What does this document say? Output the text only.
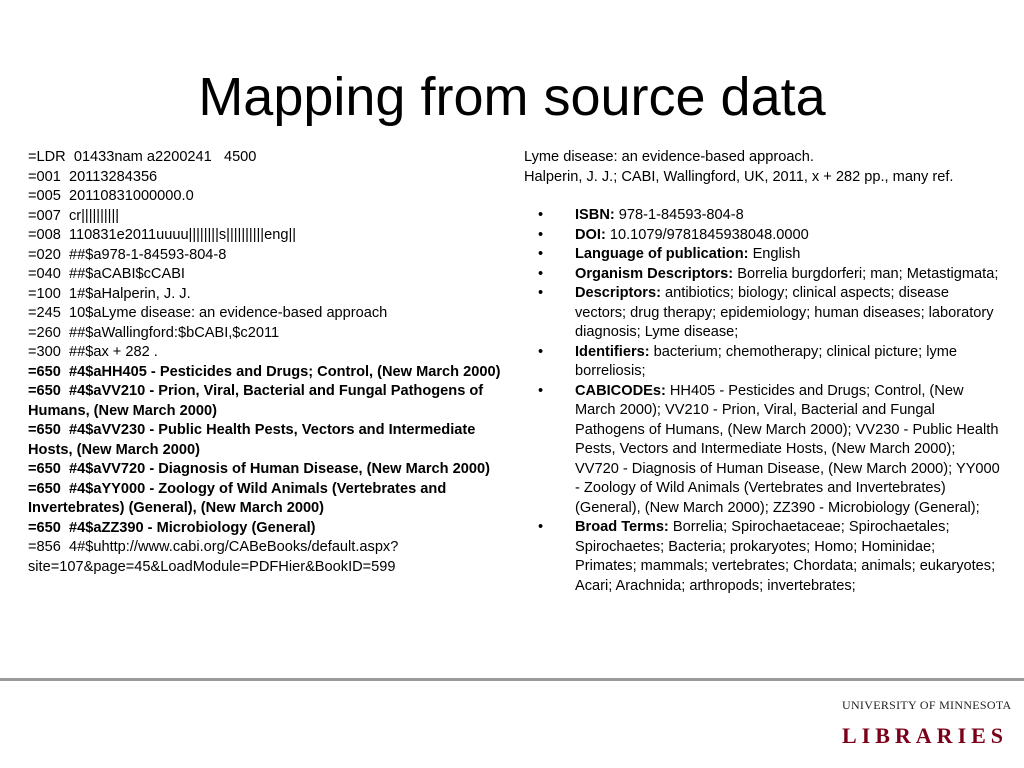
Mapping from source data
=LDR  01433nam a2200241   4500
=001  20113284356
=005  20110831000000.0
=007  cr||||||||||
=008  110831e2011uuuu||||||||s||||||||||eng||
=020  ##$a978-1-84593-804-8
=040  ##$aCABI$cCABI
=100  1#$aHalperin, J. J.
=245  10$aLyme disease: an evidence-based approach
=260  ##$aWallingford:$bCABI,$c2011
=300  ##$ax + 282 .
=650  #4$aHH405 - Pesticides and Drugs; Control, (New March 2000)
=650  #4$aVV210 - Prion, Viral, Bacterial and Fungal Pathogens of Humans, (New March 2000)
=650  #4$aVV230 - Public Health Pests, Vectors and Intermediate Hosts, (New March 2000)
=650  #4$aVV720 - Diagnosis of Human Disease, (New March 2000)
=650  #4$aYY000 - Zoology of Wild Animals (Vertebrates and Invertebrates) (General), (New March 2000)
=650  #4$aZZ390 - Microbiology (General)
=856  4#$uhttp://www.cabi.org/CABeBooks/default.aspx?site=107&page=45&LoadModule=PDFHier&BookID=599
Lyme disease: an evidence-based approach.
Halperin, J. J.; CABI, Wallingford, UK, 2011, x + 282 pp., many ref.
• ISBN: 978-1-84593-804-8
• DOI: 10.1079/9781845938048.0000
• Language of publication: English
• Organism Descriptors: Borrelia burgdorferi; man; Metastigmata;
• Descriptors: antibiotics; biology; clinical aspects; disease vectors; drug therapy; epidemiology; human diseases; laboratory diagnosis; Lyme disease;
• Identifiers: bacterium; chemotherapy; clinical picture; lyme borreliosis;
• CABICODEs: HH405 - Pesticides and Drugs; Control, (New March 2000); VV210 - Prion, Viral, Bacterial and Fungal Pathogens of Humans, (New March 2000); VV230 - Public Health Pests, Vectors and Intermediate Hosts, (New March 2000); VV720 - Diagnosis of Human Disease, (New March 2000); YY000 - Zoology of Wild Animals (Vertebrates and Invertebrates) (General), (New March 2000); ZZ390 - Microbiology (General);
• Broad Terms: Borrelia; Spirochaetaceae; Spirochaetales; Spirochaetes; Bacteria; prokaryotes; Homo; Hominidae; Primates; mammals; vertebrates; Chordata; animals; eukaryotes; Acari; Arachnida; arthropods; invertebrates;
UNIVERSITY OF MINNESOTA
LIBRARIES
